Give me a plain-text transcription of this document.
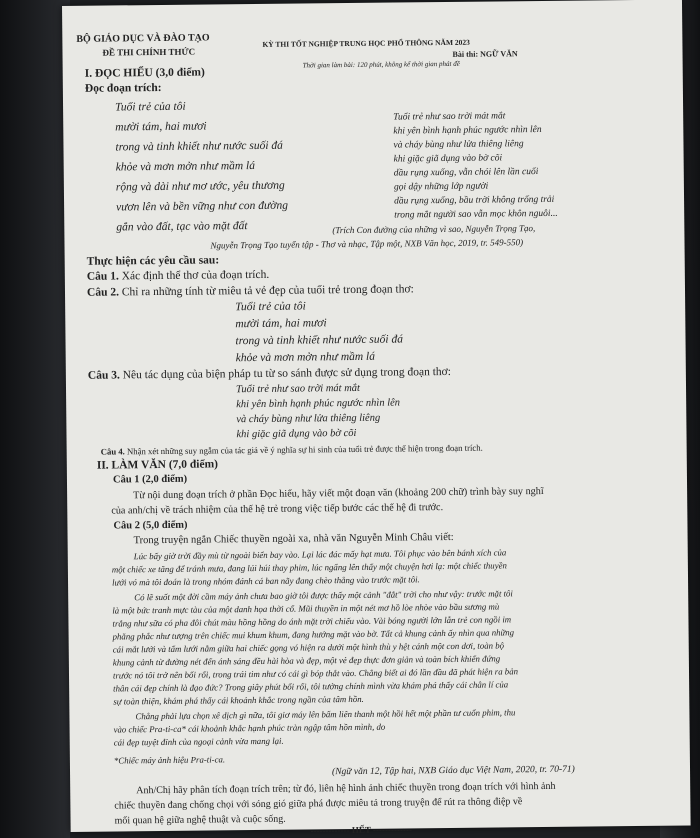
BỘ GIÁO DỤC VÀ ĐÀO TẠO
ĐỀ THI CHÍNH THỨC
KỲ THI TỐT NGHIỆP TRUNG HỌC PHỔ THÔNG NĂM 2023
Bài thi: NGỮ VĂN
Thời gian làm bài: 120 phút, không kể thời gian phát đề
I. ĐỌC HIỂU (3,0 điểm)
Đọc đoạn trích:
Tuổi trẻ của tôi
mười tám, hai mươi
trong và tinh khiết như nước suối đá
khỏe và mơn mởn như mầm lá
rộng và dài như mơ ước, yêu thương
vươn lên và bền vững như con đường
gắn vào đất, tạc vào mặt đất
Tuổi trẻ như sao trời mát mắt
khi yên bình hạnh phúc ngước nhìn lên
và cháy bùng như lửa thiêng liêng
khi giặc giã dụng vào bờ cõi
dầu rụng xuống, vẫn chói lên lần cuối
gọi dậy những lớp người
dầu rụng xuống, bầu trời không trống trải
trong mắt người sao vẫn mọc khôn nguôi...
(Trích Con đường của những vì sao, Nguyễn Trọng Tạo,
Nguyễn Trọng Tạo tuyển tập - Thơ và nhạc, Tập một, NXB Văn học, 2019, tr. 549-550)
Thực hiện các yêu cầu sau:
Câu 1. Xác định thể thơ của đoạn trích.
Câu 2. Chỉ ra những tính từ miêu tả vẻ đẹp của tuổi trẻ trong đoạn thơ:
Tuổi trẻ của tôi
mười tám, hai mươi
trong và tinh khiết như nước suối đá
khỏe và mơn mởn như mầm lá
Câu 3. Nêu tác dụng của biện pháp tu từ so sánh được sử dụng trong đoạn thơ:
Tuổi trẻ như sao trời mát mắt
khi yên bình hạnh phúc ngước nhìn lên
và cháy bùng như lửa thiêng liêng
khi giặc giã dụng vào bờ cõi
Câu 4. Nhận xét những suy ngẫm của tác giả về ý nghĩa sự hi sinh của tuổi trẻ được thể hiện trong đoạn trích.
II. LÀM VĂN (7,0 điểm)
Câu 1 (2,0 điểm)
Từ nội dung đoạn trích ở phần Đọc hiểu, hãy viết một đoạn văn (khoảng 200 chữ) trình bày suy nghĩ
của anh/chị về trách nhiệm của thế hệ trẻ trong việc tiếp bước các thế hệ đi trước.
Câu 2 (5,0 điểm)
Trong truyện ngắn Chiếc thuyền ngoài xa, nhà văn Nguyễn Minh Châu viết:
Lúc bấy giờ trời đầy mù từ ngoài biển bay vào. Lại lác đác mấy hạt mưa. Tôi phục vào bên bánh xích của
một chiếc xe tăng để tránh mưa, đang lúi húi thay phim, lúc ngẩng lên thấy một chuyện hơi lạ: một chiếc thuyền
lưới vó mà tôi đoán là trong nhóm đánh cá ban nãy đang chèo thẳng vào trước mặt tôi.
Có lẽ suốt một đời cầm máy ảnh chưa bao giờ tôi được thấy một cảnh "đắt" trời cho như vậy: trước mặt tôi
là một bức tranh mực tàu của một danh họa thời cổ. Mũi thuyền in một nét mơ hồ lòe nhòe vào bầu sương mù
trắng như sữa có pha đôi chút màu hồng hồng do ánh mặt trời chiếu vào. Vài bóng người lớn lẫn trẻ con ngồi im
phăng phắc như tượng trên chiếc mui khum khum, đang hướng mặt vào bờ. Tất cả khung cảnh ấy nhìn qua những
cái mắt lưới và tấm lưới nằm giữa hai chiếc gọng vó hiện ra dưới một hình thù y hệt cánh một con dơi, toàn bộ
khung cảnh từ đường nét đến ánh sáng đều hài hòa và đẹp, một vẻ đẹp thực đơn giản và toàn bích khiến đứng
trước nó tôi trở nên bối rối, trong trái tim như có cái gì bóp thắt vào. Chẳng biết ai đó lần đầu đã phát hiện ra bản
thân cái đẹp chính là đạo đức? Trong giây phút bối rối, tôi tưởng chính mình vừa khám phá thấy cái chân lí của
sự toàn thiện, khám phá thấy cái khoảnh khắc trong ngần của tâm hồn.
Chẳng phải lựa chọn xê dịch gì nữa, tôi giơ máy lên bấm liên thanh một hồi hết một phần tư cuốn phim, thu
vào chiếc Pra-ti-ca* cái khoảnh khắc hạnh phúc tràn ngập tâm hồn mình, do
cái đẹp tuyệt đỉnh của ngoại cảnh vừa mang lại.
*Chiếc máy ảnh hiệu Pra-ti-ca.
(Ngữ văn 12, Tập hai, NXB Giáo dục Việt Nam, 2020, tr. 70-71)
Anh/Chị hãy phân tích đoạn trích trên; từ đó, liên hệ hình ảnh chiếc thuyền trong đoạn trích với hình ảnh
chiếc thuyền đang chống chọi với sóng gió giữa phá được miêu tả trong truyện để rút ra thông điệp về
mối quan hệ giữa nghệ thuật và cuộc sống.
------------- HẾT -------------
